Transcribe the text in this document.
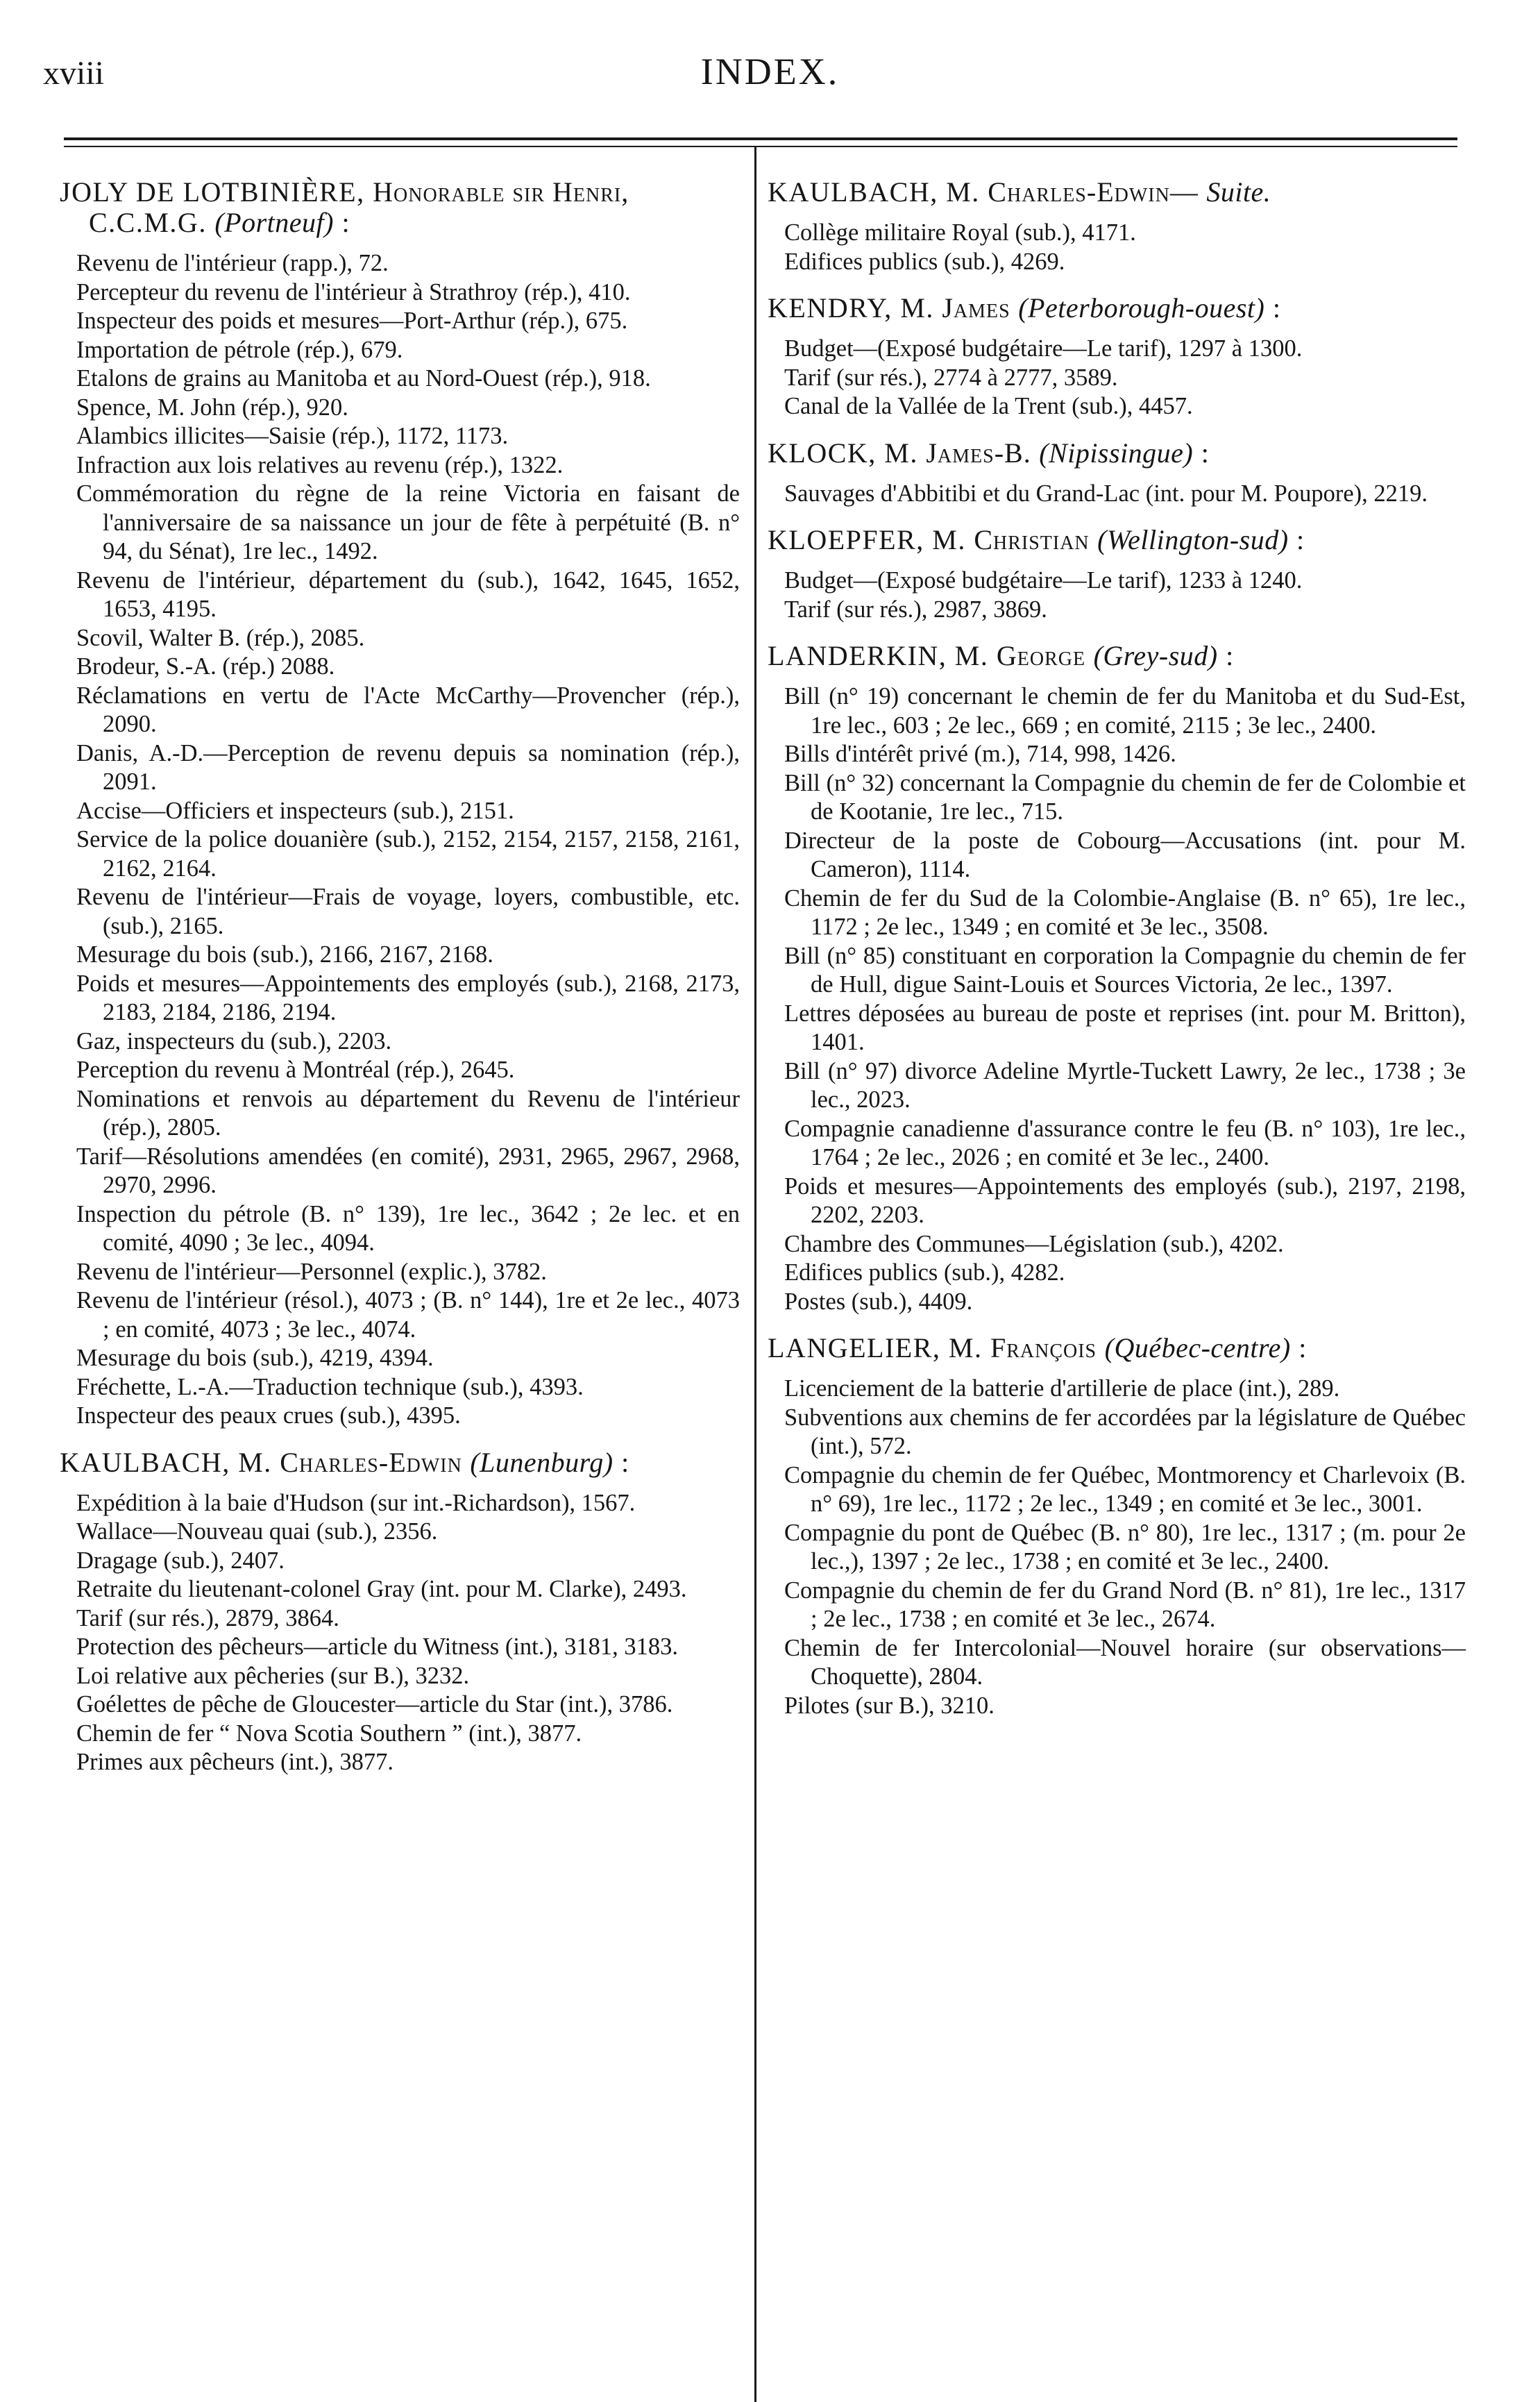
xviii	INDEX.
JOLY DE LOTBINIÈRE, Honorable sir Henri, C.C.M.G. (Portneuf) :
Revenu de l'intérieur (rapp.), 72.
Percepteur du revenu de l'intérieur à Strathroy (rép.), 410.
Inspecteur des poids et mesures—Port-Arthur (rép.), 675.
Importation de pétrole (rép.), 679.
Etalons de grains au Manitoba et au Nord-Ouest (rép.), 918.
Spence, M. John (rép.), 920.
Alambics illicites—Saisie (rép.), 1172, 1173.
Infraction aux lois relatives au revenu (rép.), 1322.
Commémoration du règne de la reine Victoria en faisant de l'anniversaire de sa naissance un jour de fête à perpétuité (B. n° 94, du Sénat), 1re lec., 1492.
Revenu de l'intérieur, département du (sub.), 1642, 1645, 1652, 1653, 4195.
Scovil, Walter B. (rép.), 2085.
Brodeur, S.-A. (rép.) 2088.
Réclamations en vertu de l'Acte McCarthy—Provencher (rép.), 2090.
Danis, A.-D.—Perception de revenu depuis sa nomination (rép.), 2091.
Accise—Officiers et inspecteurs (sub.), 2151.
Service de la police douanière (sub.), 2152, 2154, 2157, 2158, 2161, 2162, 2164.
Revenu de l'intérieur—Frais de voyage, loyers, combustible, etc. (sub.), 2165.
Mesurage du bois (sub.), 2166, 2167, 2168.
Poids et mesures—Appointements des employés (sub.), 2168, 2173, 2183, 2184, 2186, 2194.
Gaz, inspecteurs du (sub.), 2203.
Perception du revenu à Montréal (rép.), 2645.
Nominations et renvois au département du Revenu de l'intérieur (rép.), 2805.
Tarif—Résolutions amendées (en comité), 2931, 2965, 2967, 2968, 2970, 2996.
Inspection du pétrole (B. n° 139), 1re lec., 3642 ; 2e lec. et en comité, 4090 ; 3e lec., 4094.
Revenu de l'intérieur—Personnel (explic.), 3782.
Revenu de l'intérieur (résol.), 4073 ; (B. n° 144), 1re et 2e lec., 4073 ; en comité, 4073 ; 3e lec., 4074.
Mesurage du bois (sub.), 4219, 4394.
Fréchette, L.-A.—Traduction technique (sub.), 4393.
Inspecteur des peaux crues (sub.), 4395.
KAULBACH, M. Charles-Edwin (Lunenburg) :
Expédition à la baie d'Hudson (sur int.-Richardson), 1567.
Wallace—Nouveau quai (sub.), 2356.
Dragage (sub.), 2407.
Retraite du lieutenant-colonel Gray (int. pour M. Clarke), 2493.
Tarif (sur rés.), 2879, 3864.
Protection des pêcheurs—article du Witness (int.), 3181, 3183.
Loi relative aux pêcheries (sur B.), 3232.
Goélettes de pêche de Gloucester—article du Star (int.), 3786.
Chemin de fer “ Nova Scotia Southern ” (int.), 3877.
Primes aux pêcheurs (int.), 3877.
KAULBACH, M. Charles-Edwin— Suite.
Collège militaire Royal (sub.), 4171.
Edifices publics (sub.), 4269.
KENDRY, M. James (Peterborough-ouest) :
Budget—(Exposé budgétaire—Le tarif), 1297 à 1300.
Tarif (sur rés.), 2774 à 2777, 3589.
Canal de la Vallée de la Trent (sub.), 4457.
KLOCK, M. James-B. (Nipissingue) :
Sauvages d'Abbitibi et du Grand-Lac (int. pour M. Poupore), 2219.
KLOEPFER, M. Christian (Wellington-sud) :
Budget—(Exposé budgétaire—Le tarif), 1233 à 1240.
Tarif (sur rés.), 2987, 3869.
LANDERKIN, M. George (Grey-sud) :
Bill (n° 19) concernant le chemin de fer du Manitoba et du Sud-Est, 1re lec., 603 ; 2e lec., 669 ; en comité, 2115 ; 3e lec., 2400.
Bills d'intérêt privé (m.), 714, 998, 1426.
Bill (n° 32) concernant la Compagnie du chemin de fer de Colombie et de Kootanie, 1re lec., 715.
Directeur de la poste de Cobourg—Accusations (int. pour M. Cameron), 1114.
Chemin de fer du Sud de la Colombie-Anglaise (B. n° 65), 1re lec., 1172 ; 2e lec., 1349 ; en comité et 3e lec., 3508.
Bill (n° 85) constituant en corporation la Compagnie du chemin de fer de Hull, digue Saint-Louis et Sources Victoria, 2e lec., 1397.
Lettres déposées au bureau de poste et reprises (int. pour M. Britton), 1401.
Bill (n° 97) divorce Adeline Myrtle-Tuckett Lawry, 2e lec., 1738 ; 3e lec., 2023.
Compagnie canadienne d'assurance contre le feu (B. n° 103), 1re lec., 1764 ; 2e lec., 2026 ; en comité et 3e lec., 2400.
Poids et mesures—Appointements des employés (sub.), 2197, 2198, 2202, 2203.
Chambre des Communes—Législation (sub.), 4202.
Edifices publics (sub.), 4282.
Postes (sub.), 4409.
LANGELIER, M. François (Québec-centre) :
Licenciement de la batterie d'artillerie de place (int.), 289.
Subventions aux chemins de fer accordées par la législature de Québec (int.), 572.
Compagnie du chemin de fer Québec, Montmorency et Charlevoix (B. n° 69), 1re lec., 1172 ; 2e lec., 1349 ; en comité et 3e lec., 3001.
Compagnie du pont de Québec (B. n° 80), 1re lec., 1317 ; (m. pour 2e lec.,), 1397 ; 2e lec., 1738 ; en comité et 3e lec., 2400.
Compagnie du chemin de fer du Grand Nord (B. n° 81), 1re lec., 1317 ; 2e lec., 1738 ; en comité et 3e lec., 2674.
Chemin de fer Intercolonial—Nouvel horaire (sur observations—Choquette), 2804.
Pilotes (sur B.), 3210.
